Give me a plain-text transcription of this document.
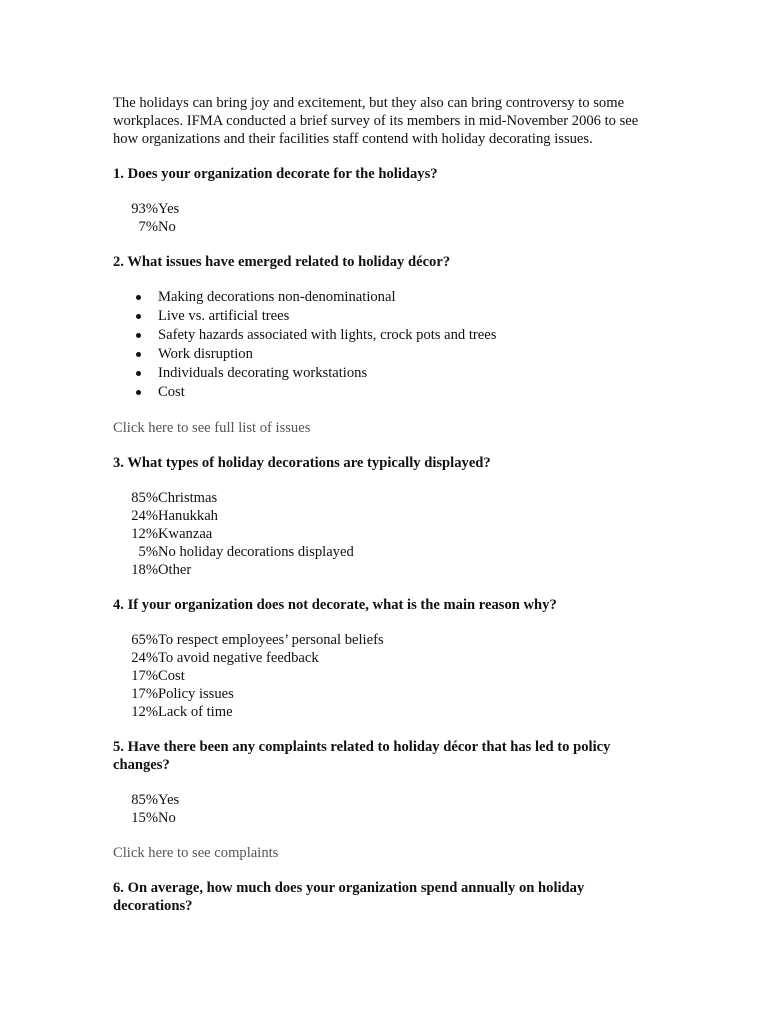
The holidays can bring joy and excitement, but they also can bring controversy to some workplaces. IFMA conducted a brief survey of its members in mid-November 2006 to see how organizations and their facilities staff contend with holiday decorating issues.

1. Does your organization decorate for the holidays?

93% Yes
7% No

2. What issues have emerged related to holiday décor?

Making decorations non-denominational
Live vs. artificial trees
Safety hazards associated with lights, crock pots and trees
Work disruption
Individuals decorating workstations
Cost
Click here to see full list of issues

3. What types of holiday decorations are typically displayed?

85% Christmas
24% Hanukkah
12% Kwanzaa
5% No holiday decorations displayed
18% Other

4. If your organization does not decorate, what is the main reason why?

65% To respect employees’ personal beliefs
24% To avoid negative feedback
17% Cost
17% Policy issues
12% Lack of time

5. Have there been any complaints related to holiday décor that has led to policy changes?

85% Yes
15% No
Click here to see complaints

6. On average, how much does your organization spend annually on holiday decorations?
